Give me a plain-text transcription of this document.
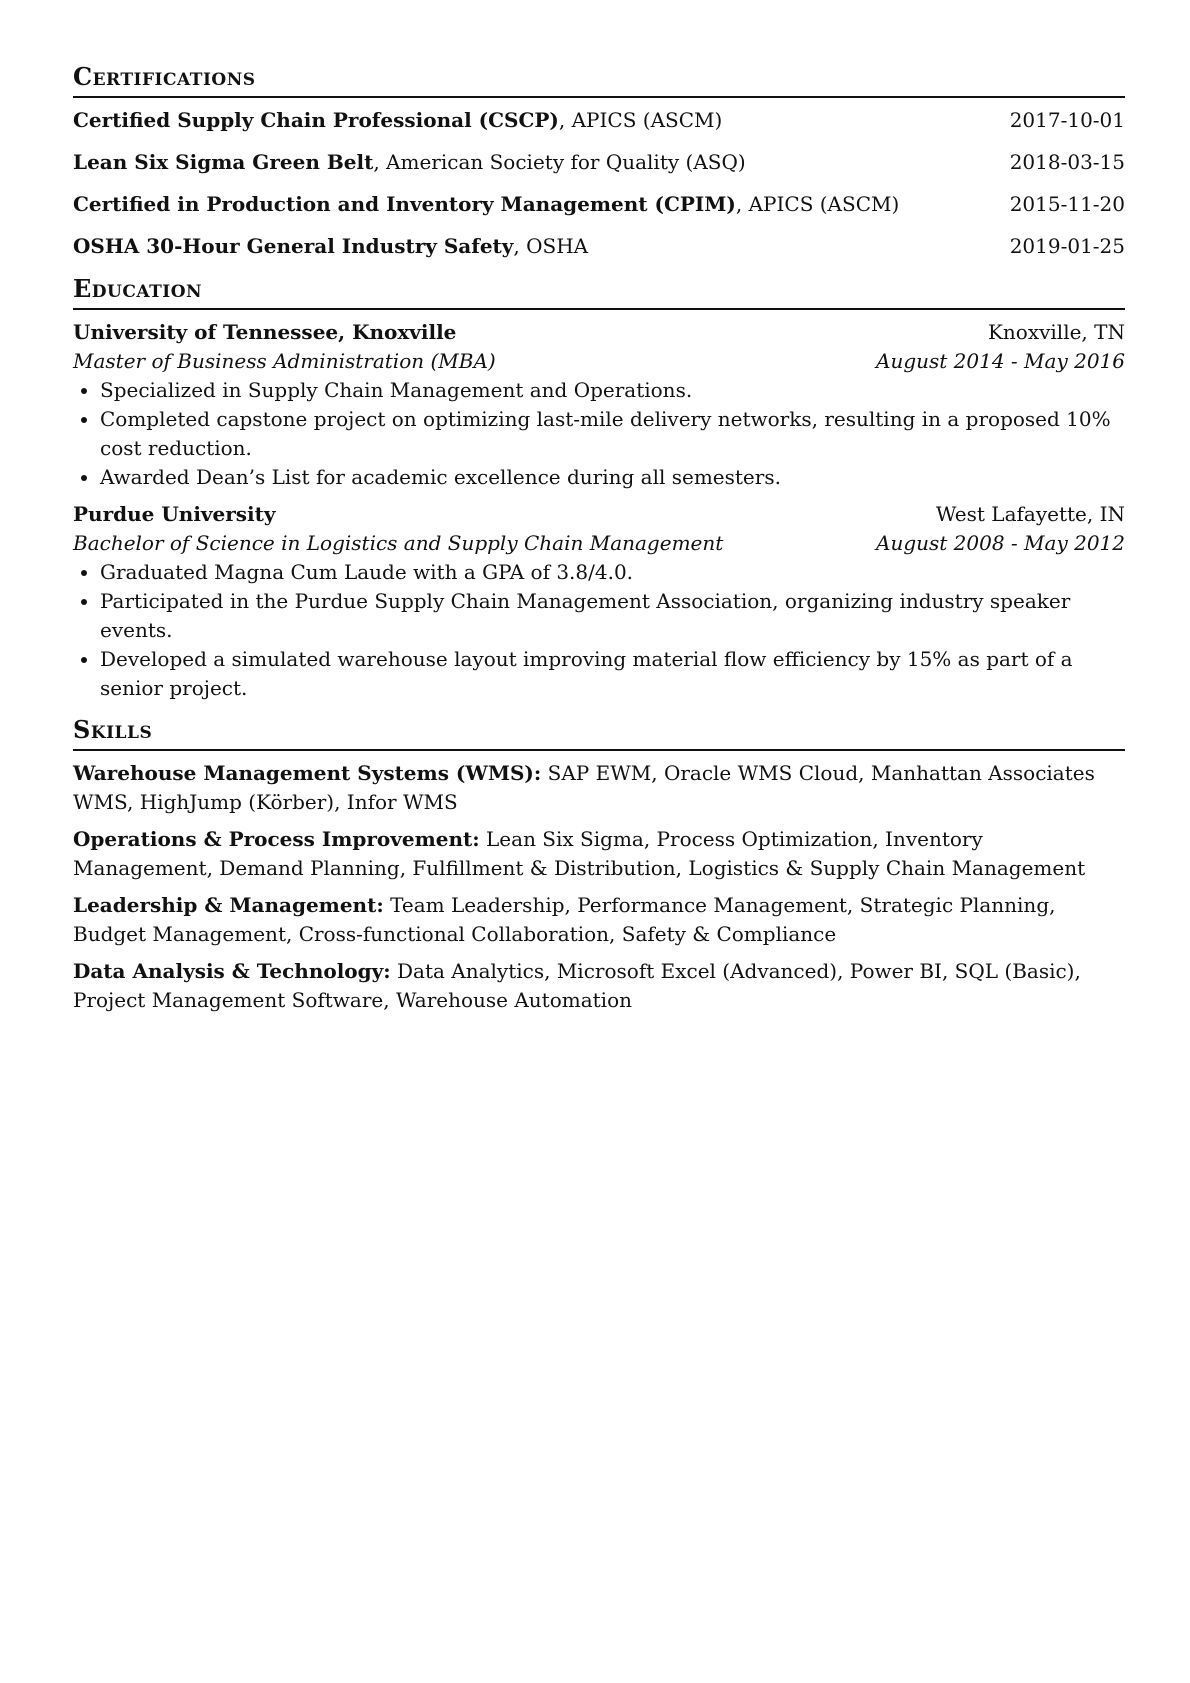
Certifications
Certified Supply Chain Professional (CSCP), APICS (ASCM)	2017-10-01
Lean Six Sigma Green Belt, American Society for Quality (ASQ)	2018-03-15
Certified in Production and Inventory Management (CPIM), APICS (ASCM)	2015-11-20
OSHA 30-Hour General Industry Safety, OSHA	2019-01-25
Education
University of Tennessee, Knoxville	Knoxville, TN
Master of Business Administration (MBA)	August 2014 - May 2016
• Specialized in Supply Chain Management and Operations.
• Completed capstone project on optimizing last-mile delivery networks, resulting in a proposed 10% cost reduction.
• Awarded Dean’s List for academic excellence during all semesters.
Purdue University	West Lafayette, IN
Bachelor of Science in Logistics and Supply Chain Management	August 2008 - May 2012
• Graduated Magna Cum Laude with a GPA of 3.8/4.0.
• Participated in the Purdue Supply Chain Management Association, organizing industry speaker events.
• Developed a simulated warehouse layout improving material flow efficiency by 15% as part of a senior project.
Skills
Warehouse Management Systems (WMS): SAP EWM, Oracle WMS Cloud, Manhattan Associates WMS, HighJump (Körber), Infor WMS
Operations & Process Improvement: Lean Six Sigma, Process Optimization, Inventory Management, Demand Planning, Fulfillment & Distribution, Logistics & Supply Chain Management
Leadership & Management: Team Leadership, Performance Management, Strategic Planning, Budget Management, Cross-functional Collaboration, Safety & Compliance
Data Analysis & Technology: Data Analytics, Microsoft Excel (Advanced), Power BI, SQL (Basic), Project Management Software, Warehouse Automation
